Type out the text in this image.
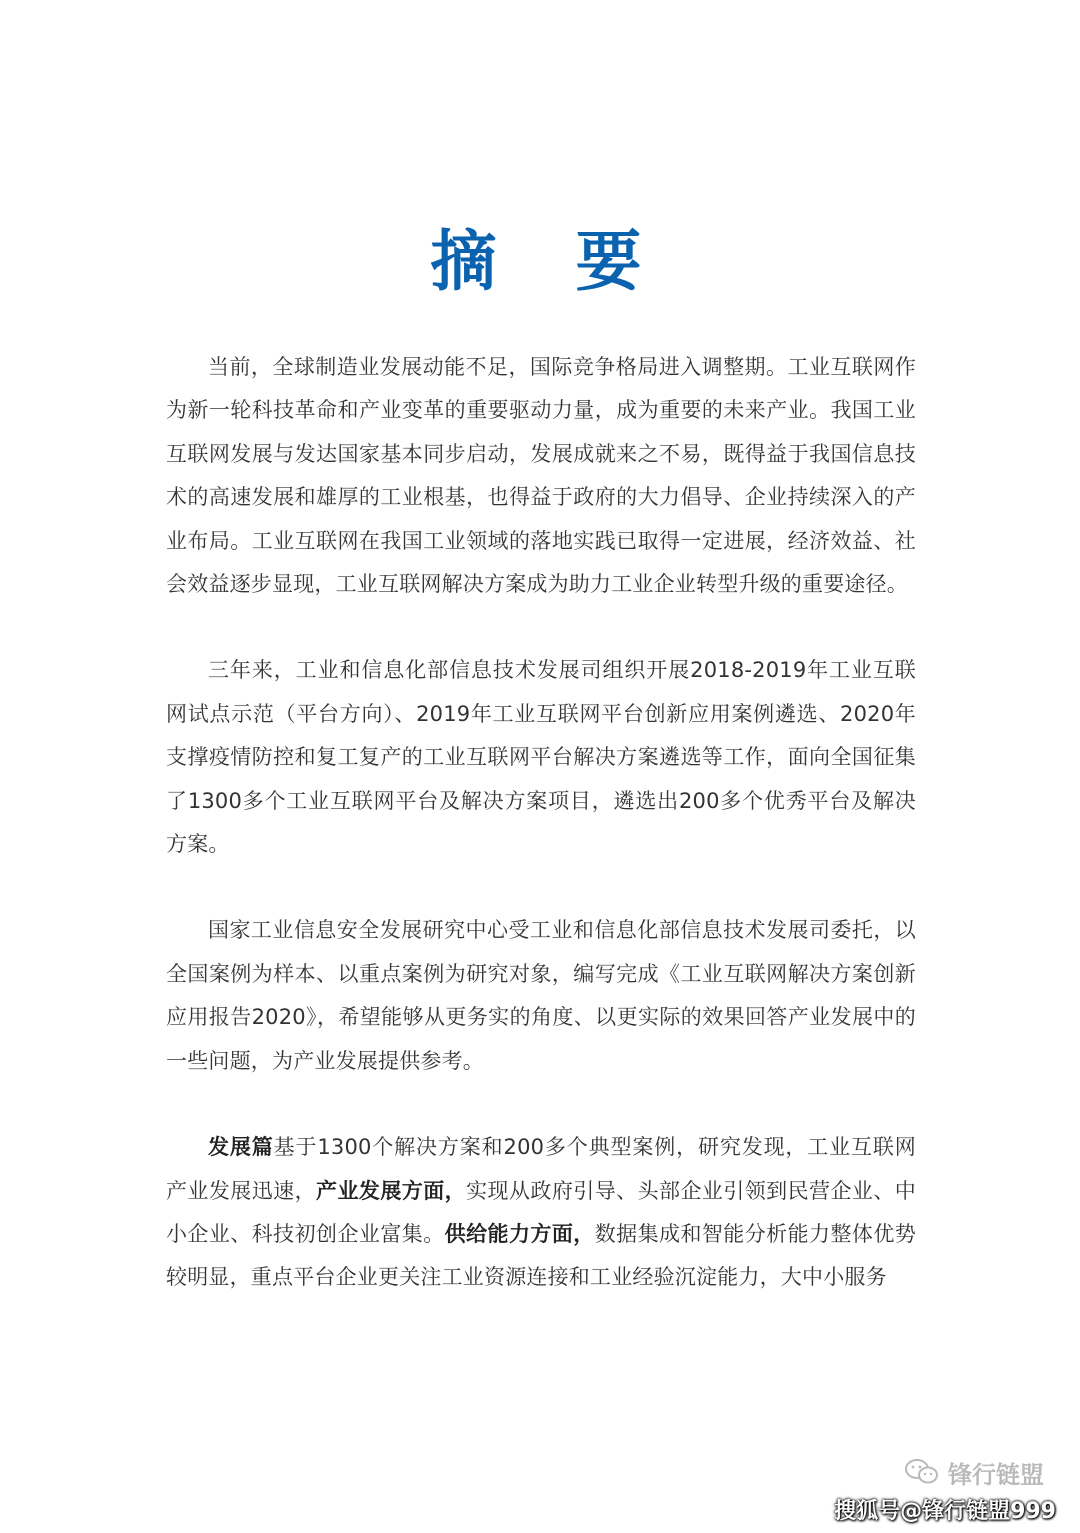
摘 要

当前，全球制造业发展动能不足，国际竞争格局进入调整期。工业互联网作为新一轮科技革命和产业变革的重要驱动力量，成为重要的未来产业。我国工业互联网发展与发达国家基本同步启动，发展成就来之不易，既得益于我国信息技术的高速发展和雄厚的工业根基，也得益于政府的大力倡导、企业持续深入的产业布局。工业互联网在我国工业领域的落地实践已取得一定进展，经济效益、社会效益逐步显现，工业互联网解决方案成为助力工业企业转型升级的重要途径。

三年来，工业和信息化部信息技术发展司组织开展2018-2019年工业互联网试点示范（平台方向）、2019年工业互联网平台创新应用案例遴选、2020年支撑疫情防控和复工复产的工业互联网平台解决方案遴选等工作，面向全国征集了1300多个工业互联网平台及解决方案项目，遴选出200多个优秀平台及解决方案。

国家工业信息安全发展研究中心受工业和信息化部信息技术发展司委托，以全国案例为样本、以重点案例为研究对象，编写完成《工业互联网解决方案创新应用报告2020》，希望能够从更务实的角度、以更实际的效果回答产业发展中的一些问题，为产业发展提供参考。

发展篇基于1300个解决方案和200多个典型案例，研究发现，工业互联网产业发展迅速，产业发展方面，实现从政府引导、头部企业引领到民营企业、中小企业、科技初创企业富集。供给能力方面，数据集成和智能分析能力整体优势较明显，重点平台企业更关注工业资源连接和工业经验沉淀能力，大中小服务

锋行链盟
搜狐号@锋行链盟999
